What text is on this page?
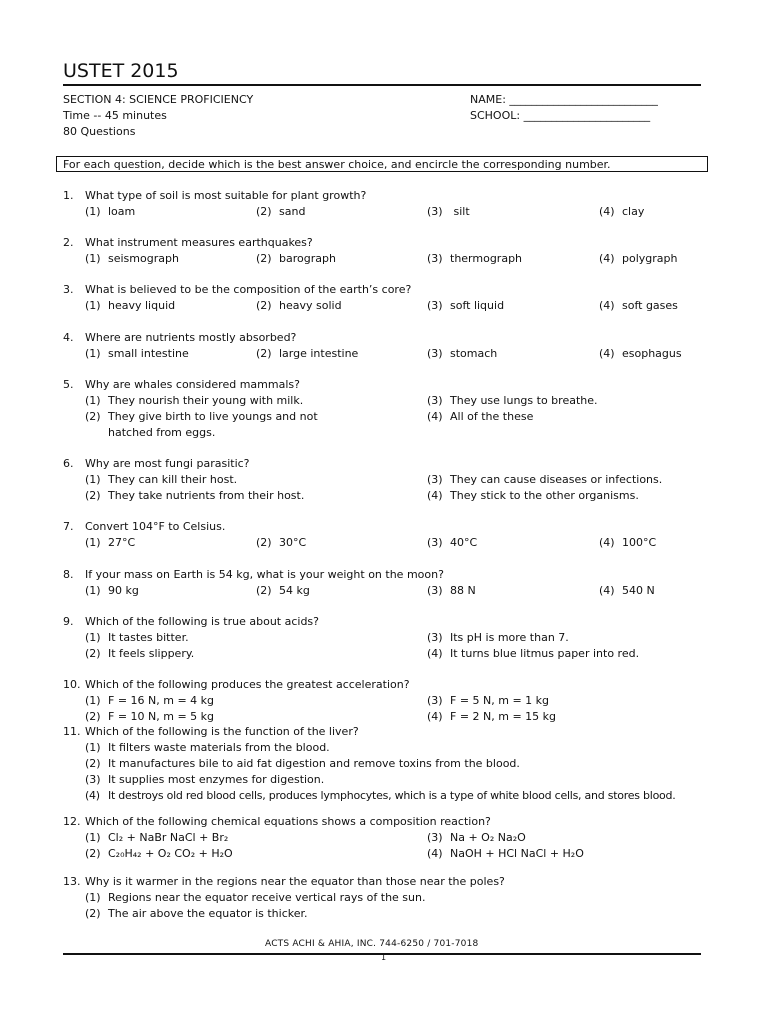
USTET 2015
SECTION 4: SCIENCE PROFICIENCY
Time -- 45 minutes
80 Questions
NAME: ___________________________
SCHOOL: _______________________
For each question, decide which is the best answer choice, and encircle the corresponding number.
1. What type of soil is most suitable for plant growth?
(1) loam	(2) sand	(3) silt	(4) clay
2. What instrument measures earthquakes?
(1) seismograph	(2) barograph	(3) thermograph	(4) polygraph
3. What is believed to be the composition of the earth’s core?
(1) heavy liquid	(2) heavy solid	(3) soft liquid	(4) soft gases
4. Where are nutrients mostly absorbed?
(1) small intestine	(2) large intestine	(3) stomach	(4) esophagus
5. Why are whales considered mammals?
(1) They nourish their young with milk.	(3) They use lungs to breathe.
(2) They give birth to live youngs and not	(4) All of the these
hatched from eggs.
6. Why are most fungi parasitic?
(1) They can kill their host.	(3) They can cause diseases or infections.
(2) They take nutrients from their host.	(4) They stick to the other organisms.
7. Convert 104°F to Celsius.
(1) 27°C	(2) 30°C	(3) 40°C	(4) 100°C
8. If your mass on Earth is 54 kg, what is your weight on the moon?
(1) 90 kg	(2) 54 kg	(3) 88 N	(4) 540 N
9. Which of the following is true about acids?
(1) It tastes bitter.	(3) Its pH is more than 7.
(2) It feels slippery.	(4) It turns blue litmus paper into red.
10. Which of the following produces the greatest acceleration?
(1) F = 16 N, m = 4 kg	(3) F = 5 N, m = 1 kg
(2) F = 10 N, m = 5 kg	(4) F = 2 N, m = 15 kg
11. Which of the following is the function of the liver?
(1) It filters waste materials from the blood.
(2) It manufactures bile to aid fat digestion and remove toxins from the blood.
(3) It supplies most enzymes for digestion.
(4) It destroys old red blood cells, produces lymphocytes, which is a type of white blood cells, and stores blood.
12. Which of the following chemical equations shows a composition reaction?
(1) Cl₂ + NaBr NaCl + Br₂	(3) Na + O₂ Na₂O
(2) C₂₀H₄₂ + O₂ CO₂ + H₂O	(4) NaOH + HCl NaCl + H₂O
13. Why is it warmer in the regions near the equator than those near the poles?
(1) Regions near the equator receive vertical rays of the sun.
(2) The air above the equator is thicker.
ACTS ACHI & AHIA, INC. 744-6250 / 701-7018
1
